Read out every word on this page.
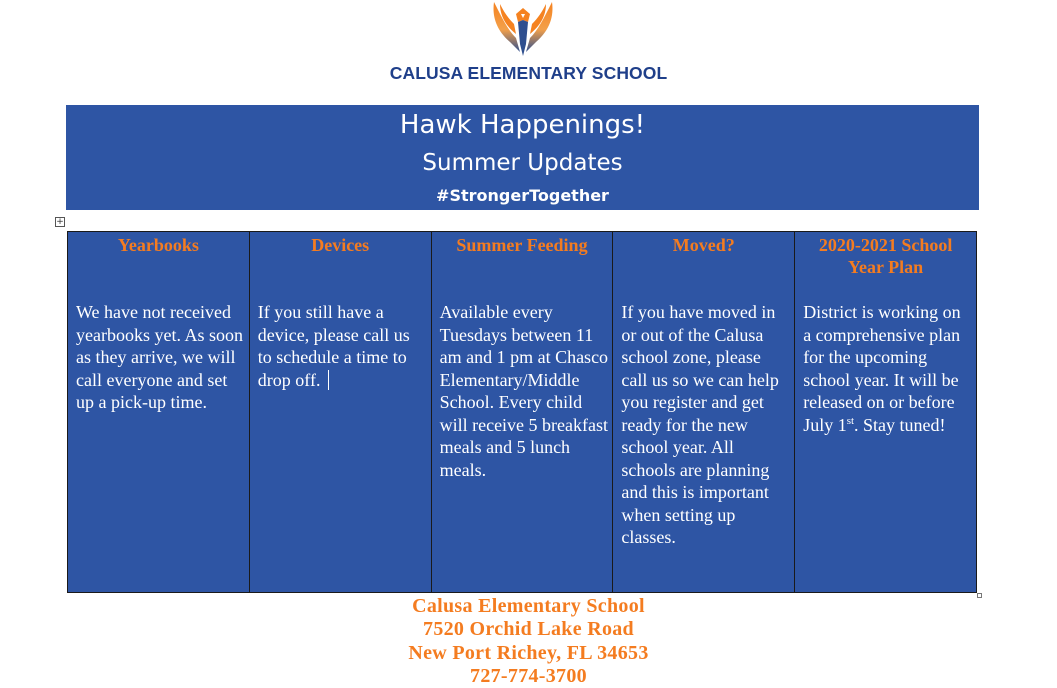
CALUSA ELEMENTARY SCHOOL
Hawk Happenings!
Summer Updates
#StrongerTogether
+
Yearbooks
We have not received yearbooks yet. As soon as they arrive, we will call everyone and set up a pick-up time.
Devices
If you still have a device, please call us to schedule a time to drop off.
Summer Feeding
Available every Tuesdays between 11 am and 1 pm at Chasco Elementary/Middle School. Every child will receive 5 breakfast meals and 5 lunch meals.
Moved?
If you have moved in or out of the Calusa school zone, please call us so we can help you register and get ready for the new school year. All schools are planning and this is important when setting up classes.
2020-2021 School Year Plan
District is working on a comprehensive plan for the upcoming school year. It will be released on or before July 1st. Stay tuned!
Calusa Elementary School
7520 Orchid Lake Road
New Port Richey, FL 34653
727-774-3700
